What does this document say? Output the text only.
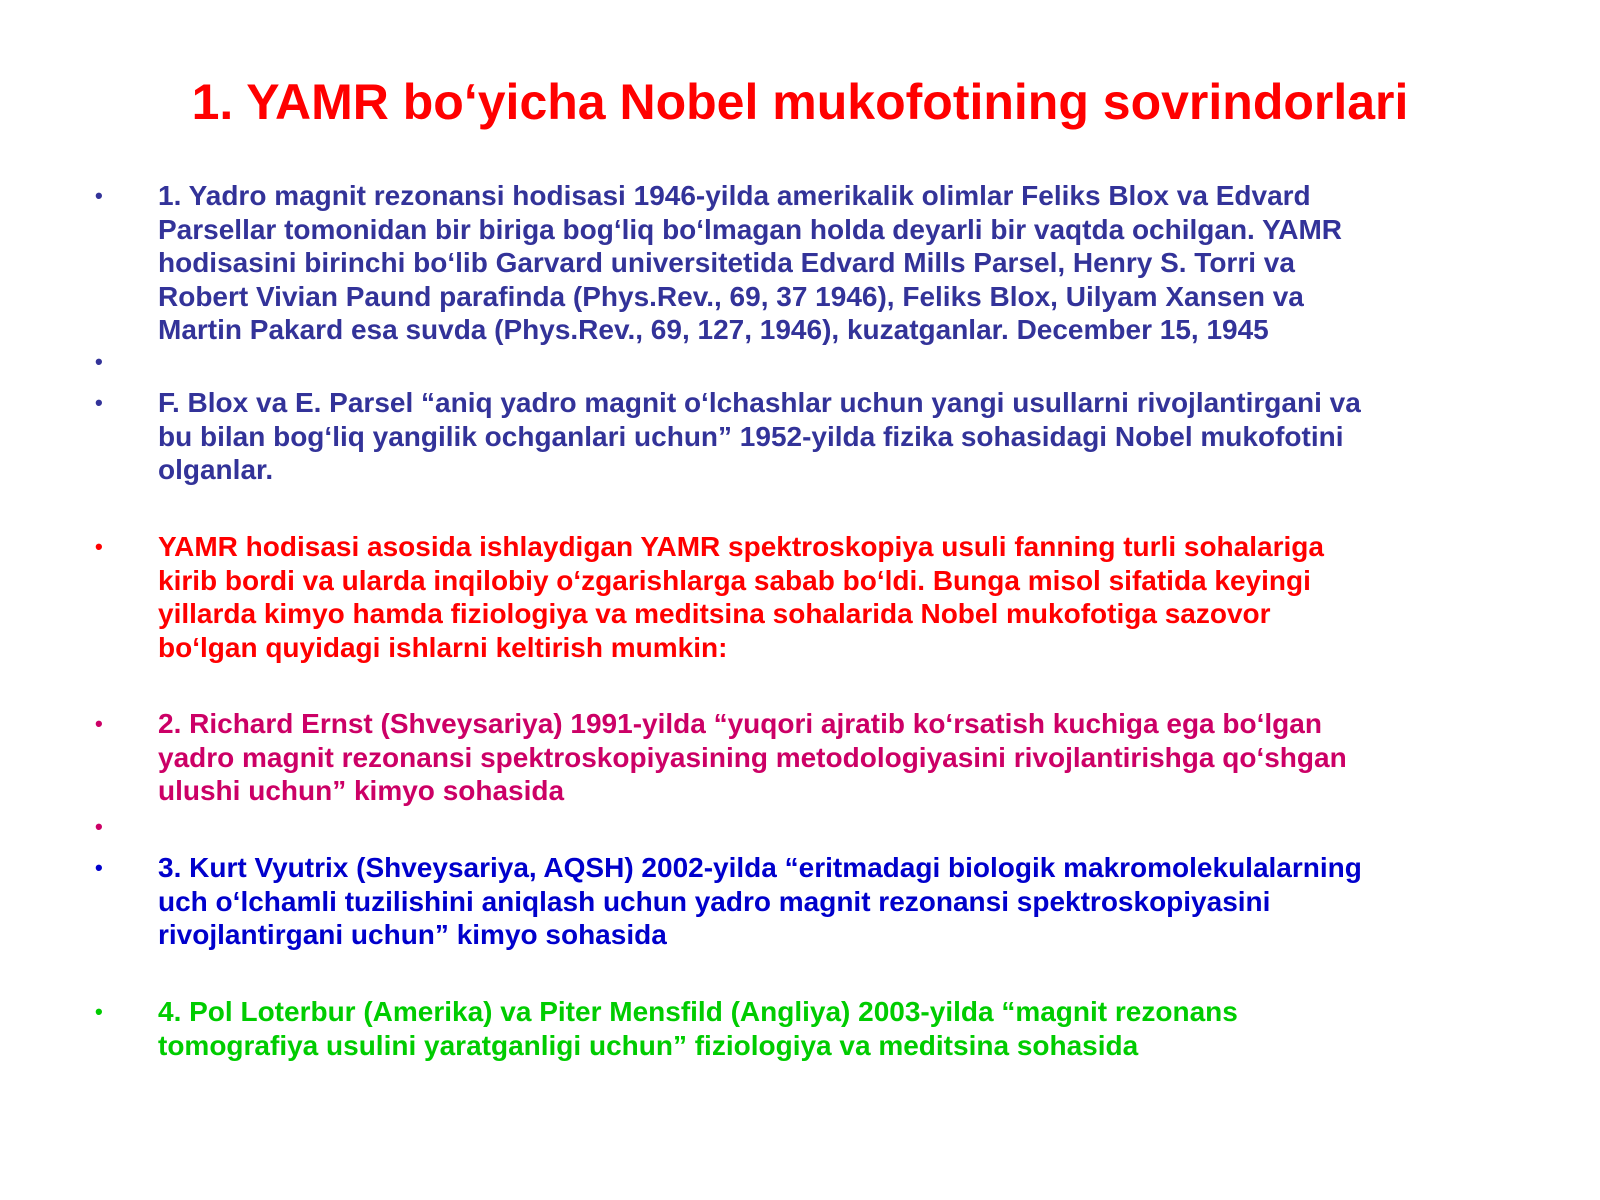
1. YAMR bo‘yicha Nobel mukofotining sovrindorlari
• 1. Yadro magnit rezonansi hodisasi 1946-yilda amerikalik olimlar Feliks Blox va Edvard
Parsellar tomonidan bir biriga bog‘liq bo‘lmagan holda deyarli bir vaqtda ochilgan. YAMR
hodisasini birinchi bo‘lib Garvard universitetida Edvard Mills Parsel, Henry S. Torri va
Robert Vivian Paund parafinda (Phys.Rev., 69, 37 1946), Feliks Blox, Uilyam Xansen va
Martin Pakard esa suvda (Phys.Rev., 69, 127, 1946), kuzatganlar. December 15, 1945
•
• F. Blox va E. Parsel “aniq yadro magnit o‘lchashlar uchun yangi usullarni rivojlantirgani va
bu bilan bog‘liq yangilik ochganlari uchun” 1952-yilda fizika sohasidagi Nobel mukofotini
olganlar.
• YAMR hodisasi asosida ishlaydigan YAMR spektroskopiya usuli fanning turli sohalariga
kirib bordi va ularda inqilobiy o‘zgarishlarga sabab bo‘ldi. Bunga misol sifatida keyingi
yillarda kimyo hamda fiziologiya va meditsina sohalarida Nobel mukofotiga sazovor
bo‘lgan quyidagi ishlarni keltirish mumkin:
• 2. Richard Ernst (Shveysariya) 1991-yilda “yuqori ajratib ko‘rsatish kuchiga ega bo‘lgan
yadro magnit rezonansi spektroskopiyasining metodologiyasini rivojlantirishga qo‘shgan
ulushi uchun” kimyo sohasida
•
• 3. Kurt Vyutrix (Shveysariya, AQSH) 2002-yilda “eritmadagi biologik makromolekulalarning
uch o‘lchamli tuzilishini aniqlash uchun yadro magnit rezonansi spektroskopiyasini
rivojlantirgani uchun” kimyo sohasida
• 4. Pol Loterbur (Amerika) va Piter Mensfild (Angliya) 2003-yilda “magnit rezonans
tomografiya usulini yaratganligi uchun” fiziologiya va meditsina sohasida
